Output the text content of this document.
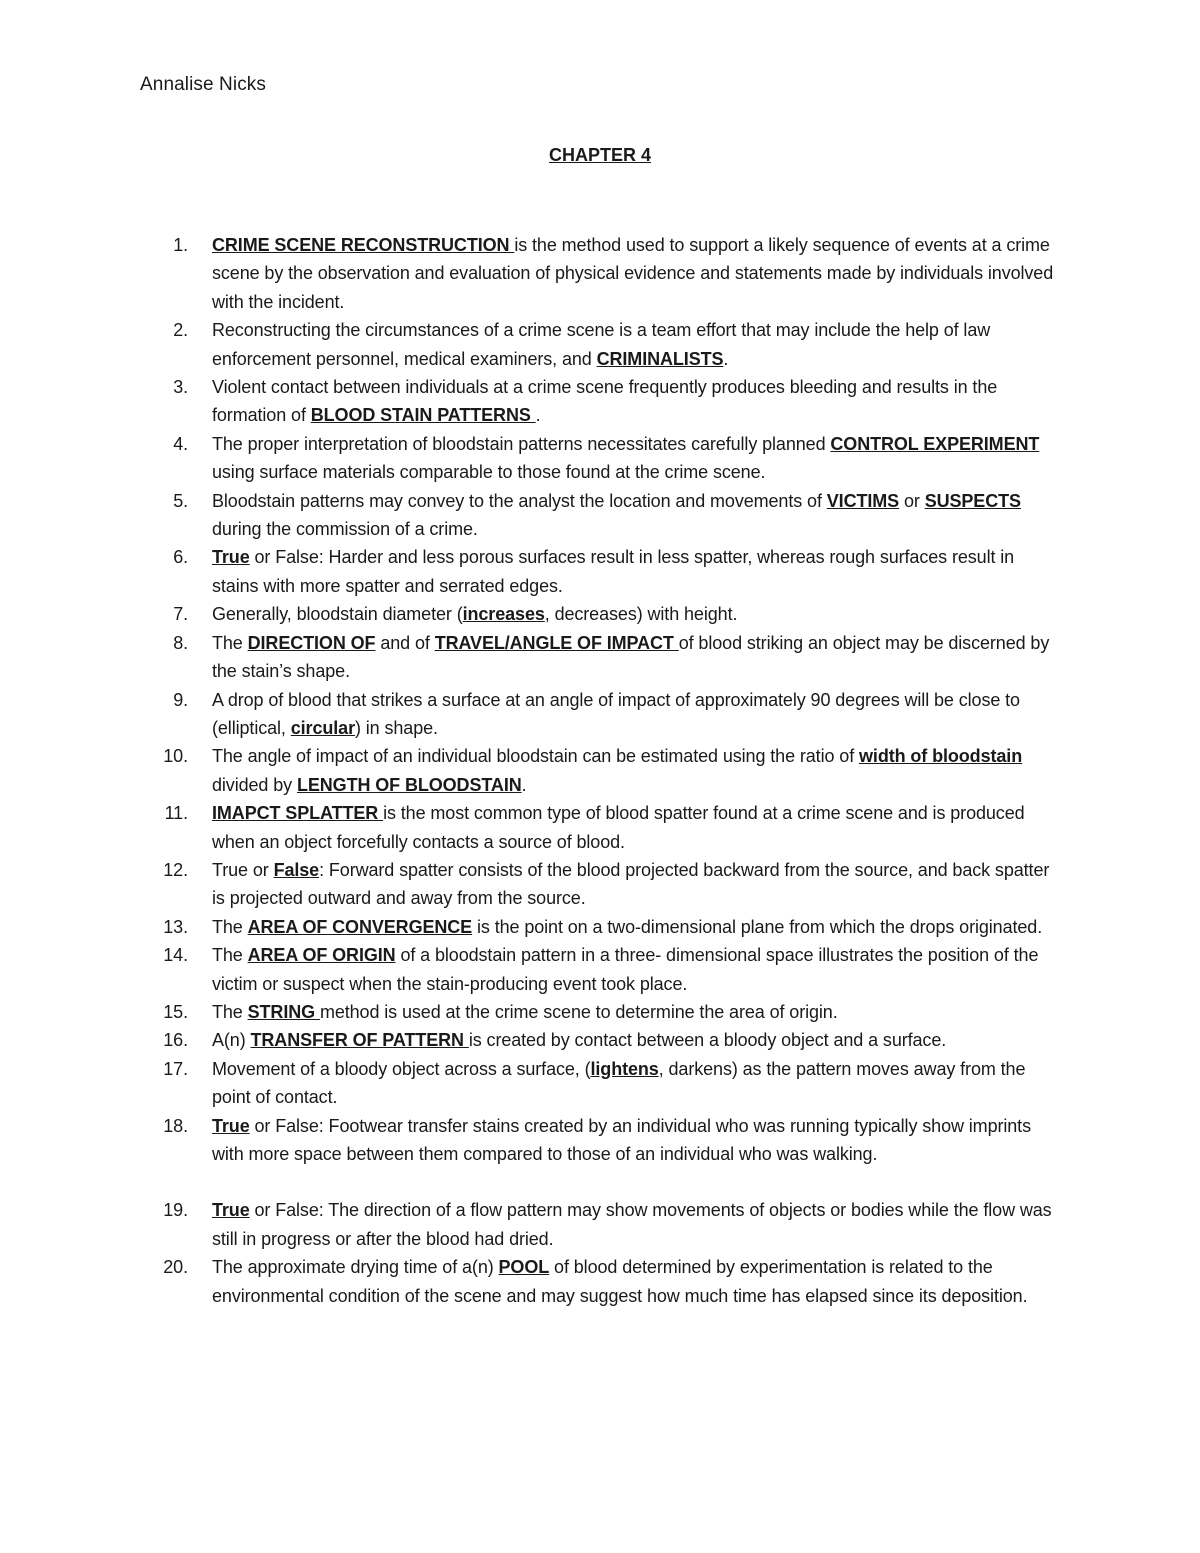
Annalise Nicks
CHAPTER 4
1. CRIME SCENE RECONSTRUCTION is the method used to support a likely sequence of events at a crime scene by the observation and evaluation of physical evidence and statements made by individuals involved with the incident.
2. Reconstructing the circumstances of a crime scene is a team effort that may include the help of law enforcement personnel, medical examiners, and CRIMINALISTS.
3. Violent contact between individuals at a crime scene frequently produces bleeding and results in the formation of BLOOD STAIN PATTERNS .
4. The proper interpretation of bloodstain patterns necessitates carefully planned CONTROL EXPERIMENT using surface materials comparable to those found at the crime scene.
5. Bloodstain patterns may convey to the analyst the location and movements of VICTIMS or SUSPECTS during the commission of a crime.
6. True or False: Harder and less porous surfaces result in less spatter, whereas rough surfaces result in stains with more spatter and serrated edges.
7. Generally, bloodstain diameter (increases, decreases) with height.
8. The DIRECTION OF and of TRAVEL/ANGLE OF IMPACT of blood striking an object may be discerned by the stain’s shape.
9. A drop of blood that strikes a surface at an angle of impact of approximately 90 degrees will be close to (elliptical, circular) in shape.
10. The angle of impact of an individual bloodstain can be estimated using the ratio of width of bloodstain divided by LENGTH OF BLOODSTAIN.
11. IMAPCT SPLATTER is the most common type of blood spatter found at a crime scene and is produced when an object forcefully contacts a source of blood.
12. True or False: Forward spatter consists of the blood projected backward from the source, and back spatter is projected outward and away from the source.
13. The AREA OF CONVERGENCE is the point on a two-dimensional plane from which the drops originated.
14. The AREA OF ORIGIN of a bloodstain pattern in a three- dimensional space illustrates the position of the victim or suspect when the stain-producing event took place.
15. The STRING method is used at the crime scene to determine the area of origin.
16. A(n) TRANSFER OF PATTERN is created by contact between a bloody object and a surface.
17. Movement of a bloody object across a surface, (lightens, darkens) as the pattern moves away from the point of contact.
18. True or False: Footwear transfer stains created by an individual who was running typically show imprints with more space between them compared to those of an individual who was walking.
19. True or False: The direction of a flow pattern may show movements of objects or bodies while the flow was still in progress or after the blood had dried.
20. The approximate drying time of a(n) POOL of blood determined by experimentation is related to the environmental condition of the scene and may suggest how much time has elapsed since its deposition.
